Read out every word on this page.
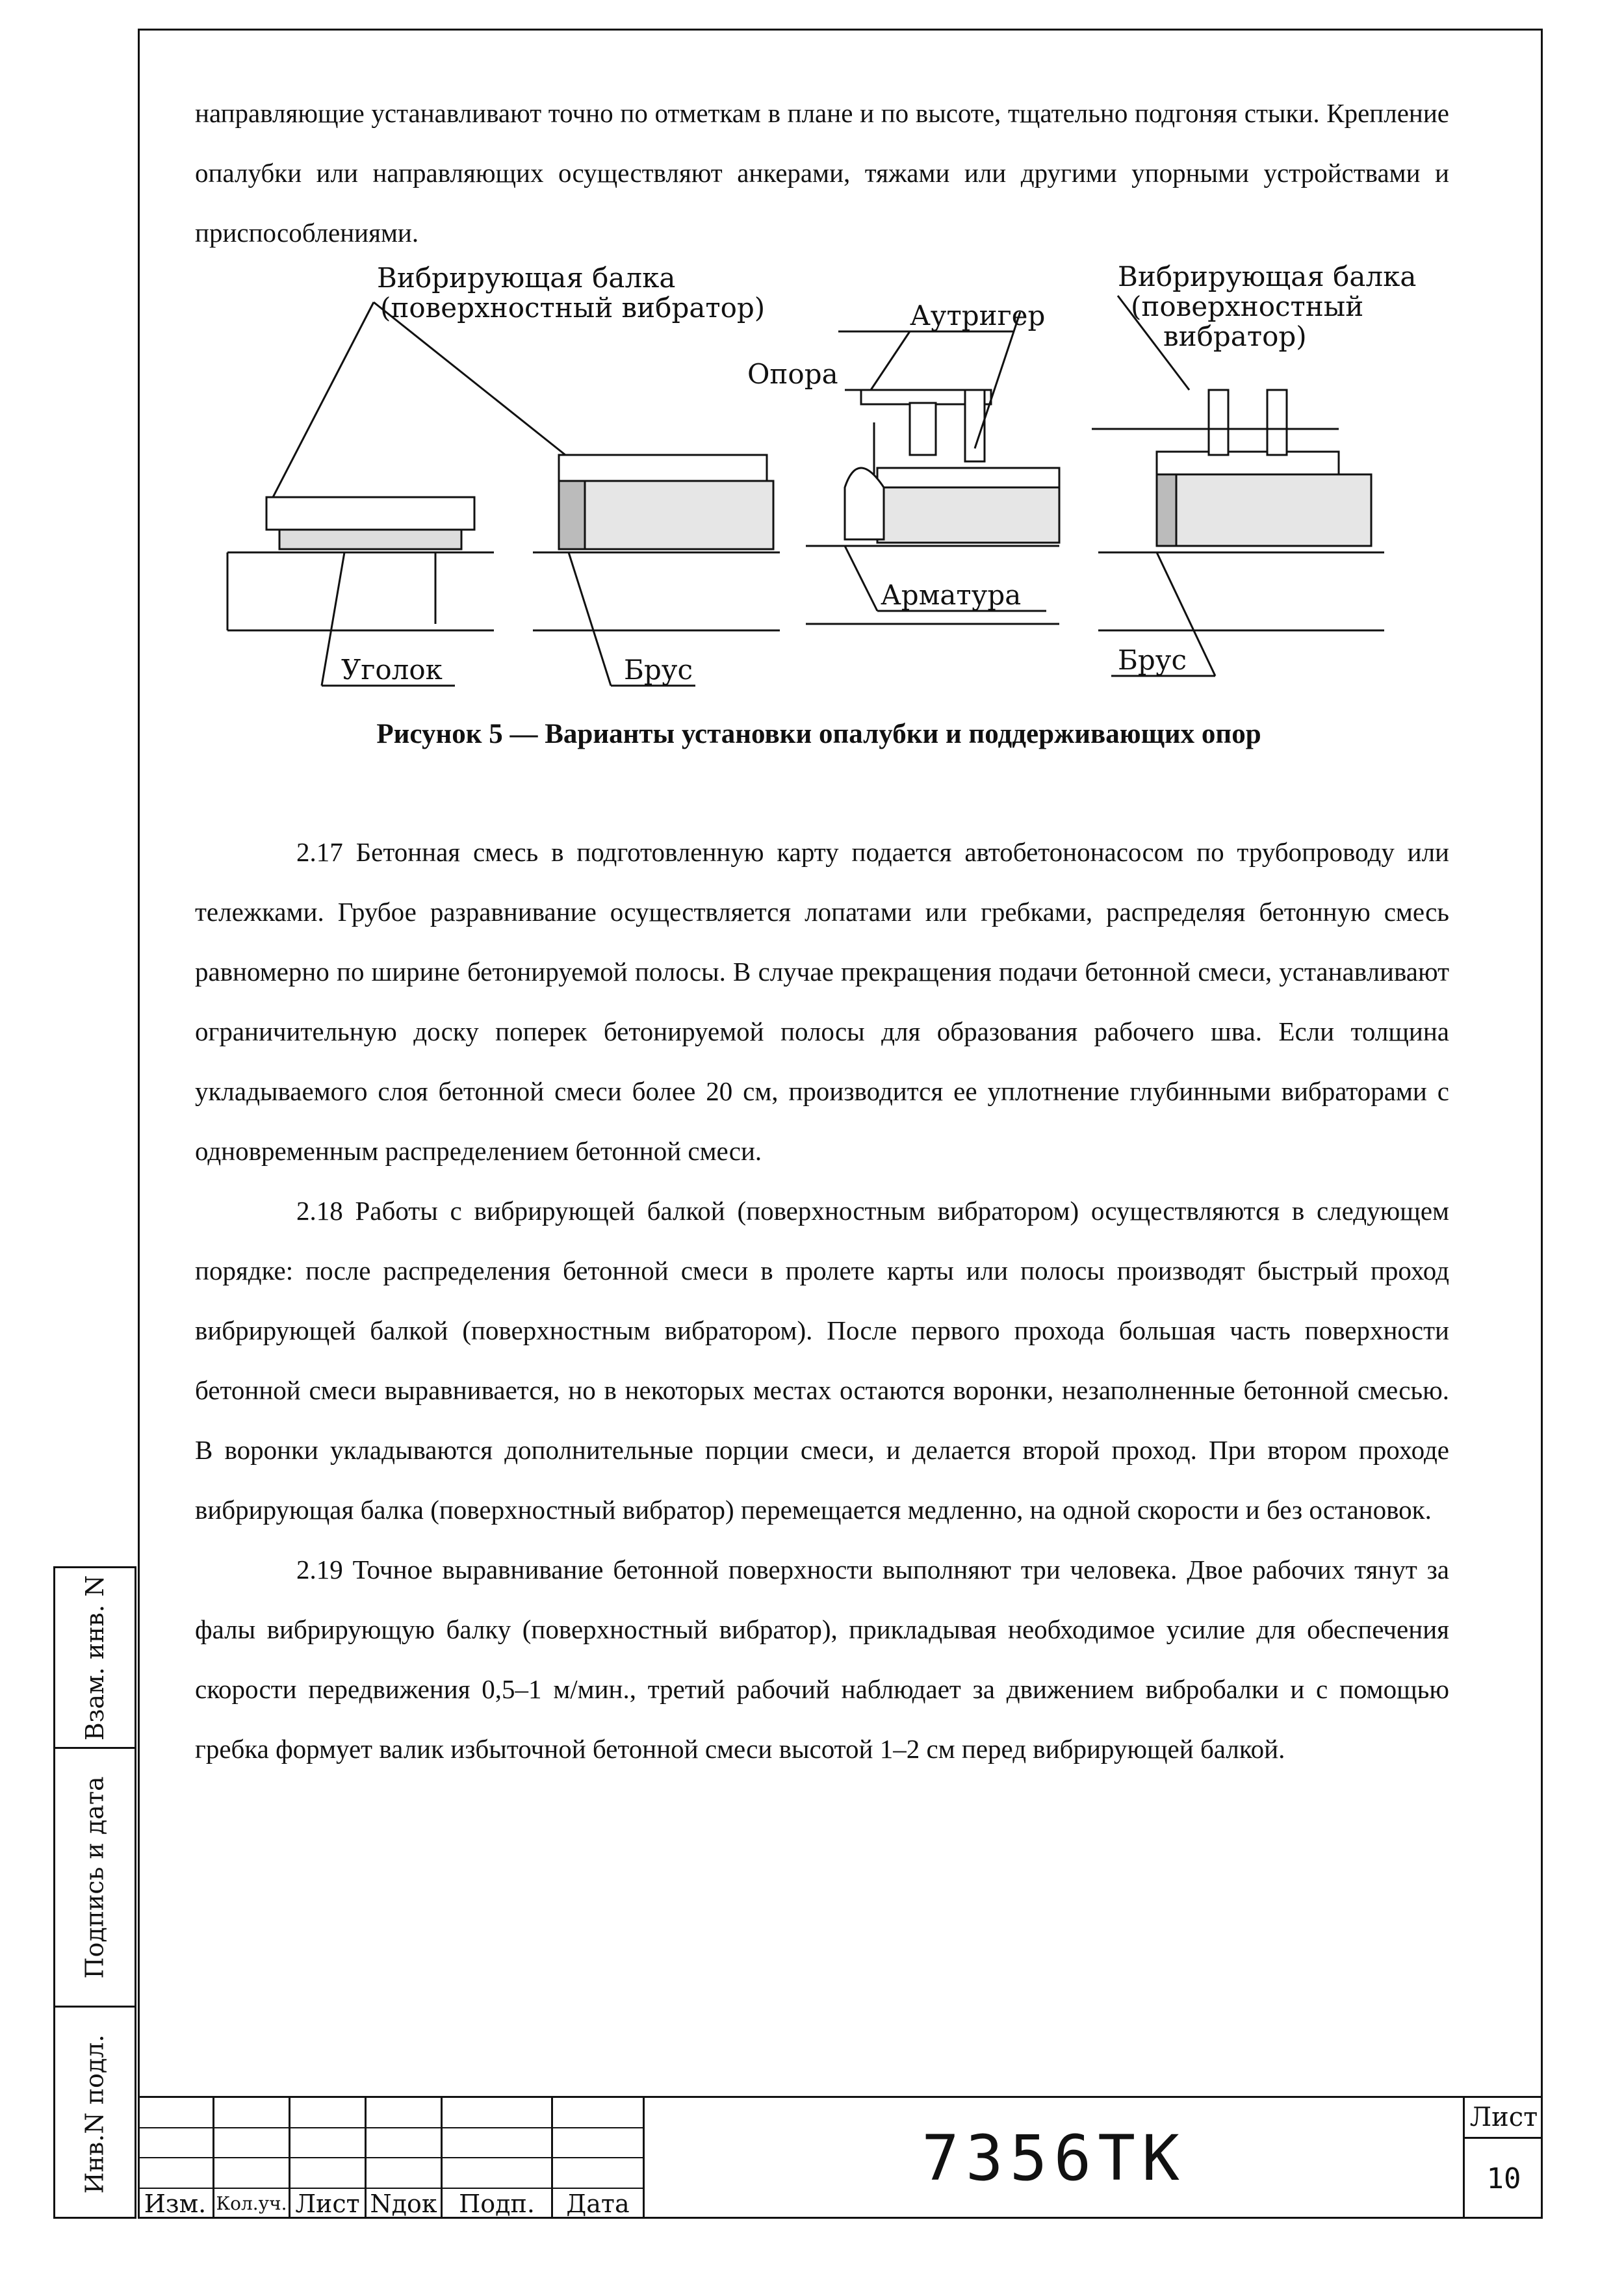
направляющие устанавливают точно по отметкам в плане и по высоте, тщательно подгоняя стыки. Крепление опалубки или направляющих осуществляют анкерами, тяжами или другими упорными устройствами и приспособлениями.

Вибрирующая балка
(поверхностный вибратор)
Вибрирующая балка
(поверхностный
вибратор)
Аутригер
Опора
Арматура
Уголок	Брус	Брус
Рисунок 5 — Варианты установки опалубки и поддерживающих опор

2.17 Бетонная смесь в подготовленную карту подается автобетононасосом по трубопроводу или тележками. Грубое разравнивание осуществляется лопатами или гребками, распределяя бетонную смесь равномерно по ширине бетонируемой полосы. В случае прекращения подачи бетонной смеси, устанавливают ограничительную доску поперек бетонируемой полосы для образования рабочего шва. Если толщина укладываемого слоя бетонной смеси более 20 см, производится ее уплотнение глубинными вибраторами с одновременным распределением бетонной смеси.

2.18 Работы с вибрирующей балкой (поверхностным вибратором) осуществляются в следующем порядке: после распределения бетонной смеси в пролете карты или полосы производят быстрый проход вибрирующей балкой (поверхностным вибратором). После первого прохода большая часть поверхности бетонной смеси выравнивается, но в некоторых местах остаются воронки, незаполненные бетонной смесью. В воронки укладываются дополнительные порции смеси, и делается второй проход. При втором проходе вибрирующая балка (поверхностный вибратор) перемещается медленно, на одной скорости и без остановок.

2.19 Точное выравнивание бетонной поверхности выполняют три человека. Двое рабочих тянут за фалы вибрирующую балку (поверхностный вибратор), прикладывая необходимое усилие для обеспечения скорости передвижения 0,5–1 м/мин., третий рабочий наблюдает за движением вибробалки и с помощью гребка формует валик избыточной бетонной смеси высотой 1–2 см перед вибрирующей балкой.

Взам. инв. N
Подпись и дата
Инв.N подл.
Изм. Кол.уч. Лист Nдок Подп.	Дата
7356ТК
Лист
10
